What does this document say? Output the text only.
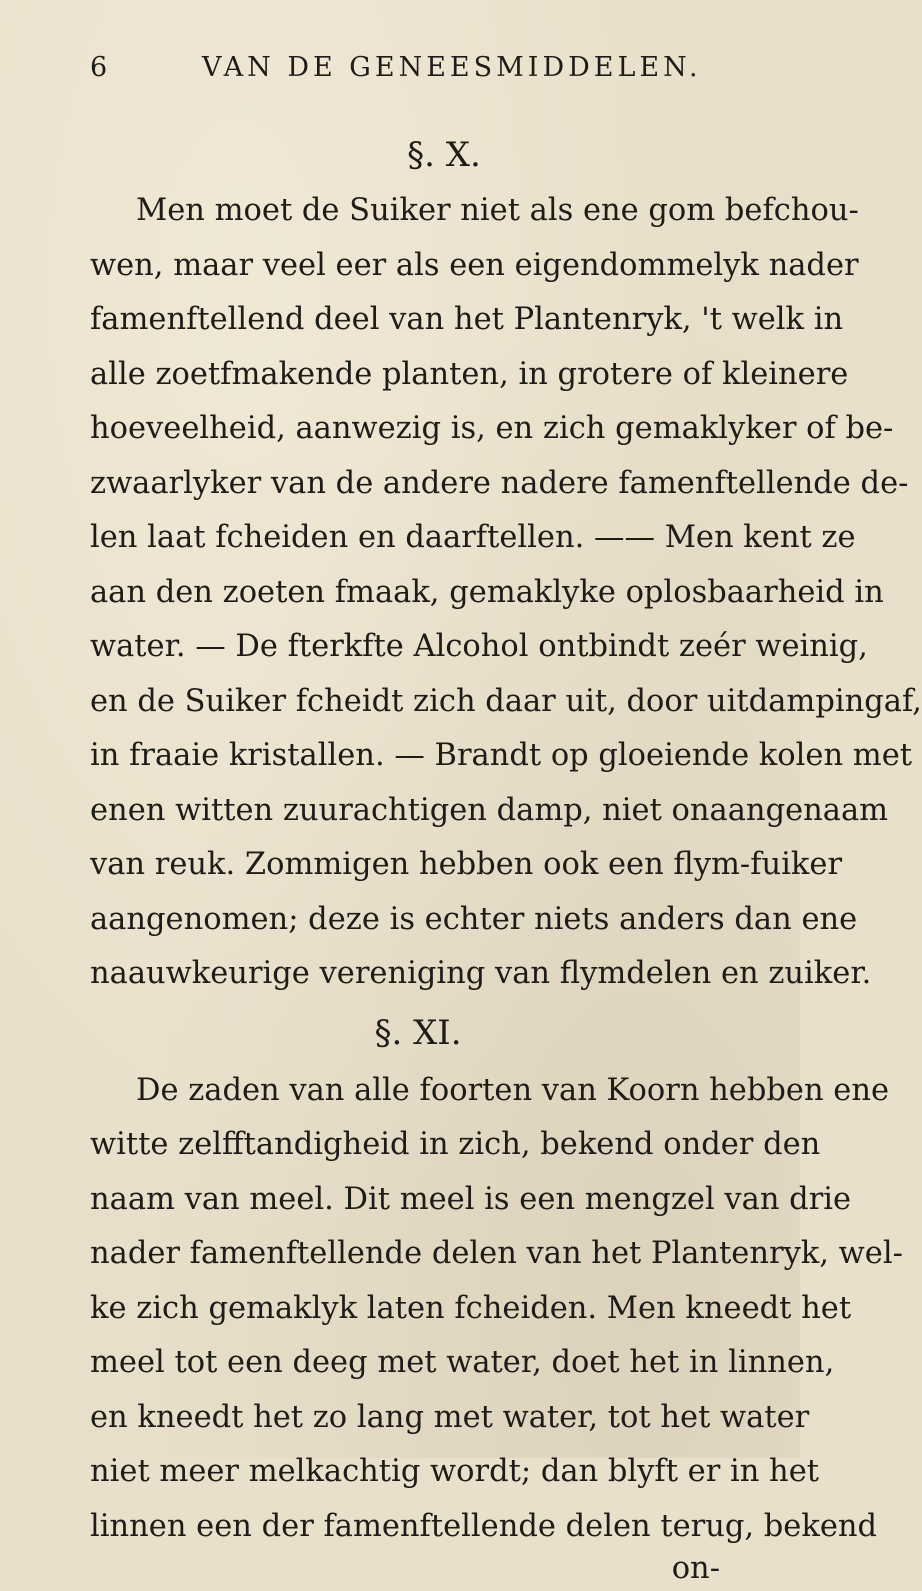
6	VAN DE GENEESMIDDELEN.
§. X.
Men moet de Suiker niet als ene gom befchou-
wen, maar veel eer als een eigendommelyk nader
famenftellend deel van het Plantenryk, 't welk in
alle zoetfmakende planten, in grotere of kleinere
hoeveelheid, aanwezig is, en zich gemaklyker of be-
zwaarlyker van de andere nadere famenftellende de-
len laat fcheiden en daarftellen. —— Men kent ze
aan den zoeten fmaak, gemaklyke oplosbaarheid in
water. — De fterkfte Alcohol ontbindt zeér weinig,
en de Suiker fcheidt zich daar uit, door uitdampingaf,
in fraaie kristallen. — Brandt op gloeiende kolen met
enen witten zuurachtigen damp, niet onaangenaam
van reuk. Zommigen hebben ook een flym-fuiker
aangenomen; deze is echter niets anders dan ene
naauwkeurige vereniging van flymdelen en zuiker.
§. XI.
De zaden van alle foorten van Koorn hebben ene
witte zelfftandigheid in zich, bekend onder den
naam van meel. Dit meel is een mengzel van drie
nader famenftellende delen van het Plantenryk, wel-
ke zich gemaklyk laten fcheiden. Men kneedt het
meel tot een deeg met water, doet het in linnen,
en kneedt het zo lang met water, tot het water
niet meer melkachtig wordt; dan blyft er in het
linnen een der famenftellende delen terug, bekend
on-
